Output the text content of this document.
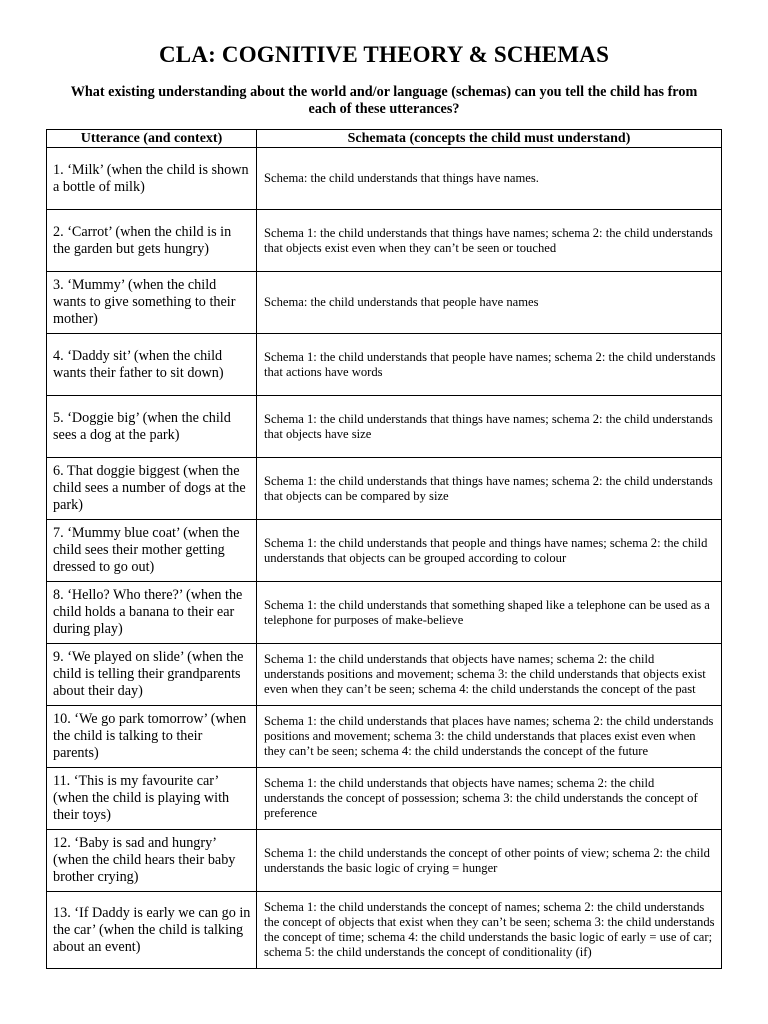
CLA: COGNITIVE THEORY & SCHEMAS

What existing understanding about the world and/or language (schemas) can you tell the child has from each of these utterances?

Utterance (and context)	Schemata (concepts the child must understand)
1. ‘Milk’ (when the child is shown a bottle of milk)	Schema: the child understands that things have names.
2. ‘Carrot’ (when the child is in the garden but gets hungry)	Schema 1: the child understands that things have names; schema 2: the child understands that objects exist even when they can’t be seen or touched
3. ‘Mummy’ (when the child wants to give something to their mother)	Schema: the child understands that people have names
4. ‘Daddy sit’ (when the child wants their father to sit down)	Schema 1: the child understands that people have names; schema 2: the child understands that actions have words
5. ‘Doggie big’ (when the child sees a dog at the park)	Schema 1: the child understands that things have names; schema 2: the child understands that objects have size
6. That doggie biggest (when the child sees a number of dogs at the park)	Schema 1: the child understands that things have names; schema 2: the child understands that objects can be compared by size
7. ‘Mummy blue coat’ (when the child sees their mother getting dressed to go out)	Schema 1: the child understands that people and things have names; schema 2: the child understands that objects can be grouped according to colour
8. ‘Hello? Who there?’ (when the child holds a banana to their ear during play)	Schema 1: the child understands that something shaped like a telephone can be used as a telephone for purposes of make-believe
9. ‘We played on slide’ (when the child is telling their grandparents about their day)	Schema 1: the child understands that objects have names; schema 2: the child understands positions and movement; schema 3: the child understands that objects exist even when they can’t be seen; schema 4: the child understands the concept of the past
10. ‘We go park tomorrow’ (when the child is talking to their parents)	Schema 1: the child understands that places have names; schema 2: the child understands positions and movement; schema 3: the child understands that places exist even when they can’t be seen; schema 4: the child understands the concept of the future
11. ‘This is my favourite car’ (when the child is playing with their toys)	Schema 1: the child understands that objects have names; schema 2: the child understands the concept of possession; schema 3: the child understands the concept of preference
12. ‘Baby is sad and hungry’ (when the child hears their baby brother crying)	Schema 1: the child understands the concept of other points of view; schema 2: the child understands the basic logic of crying = hunger
13. ‘If Daddy is early we can go in the car’ (when the child is talking about an event)	Schema 1: the child understands the concept of names; schema 2: the child understands the concept of objects that exist when they can’t be seen; schema 3: the child understands the concept of time; schema 4: the child understands the basic logic of early = use of car; schema 5: the child understands the concept of conditionality (if)
